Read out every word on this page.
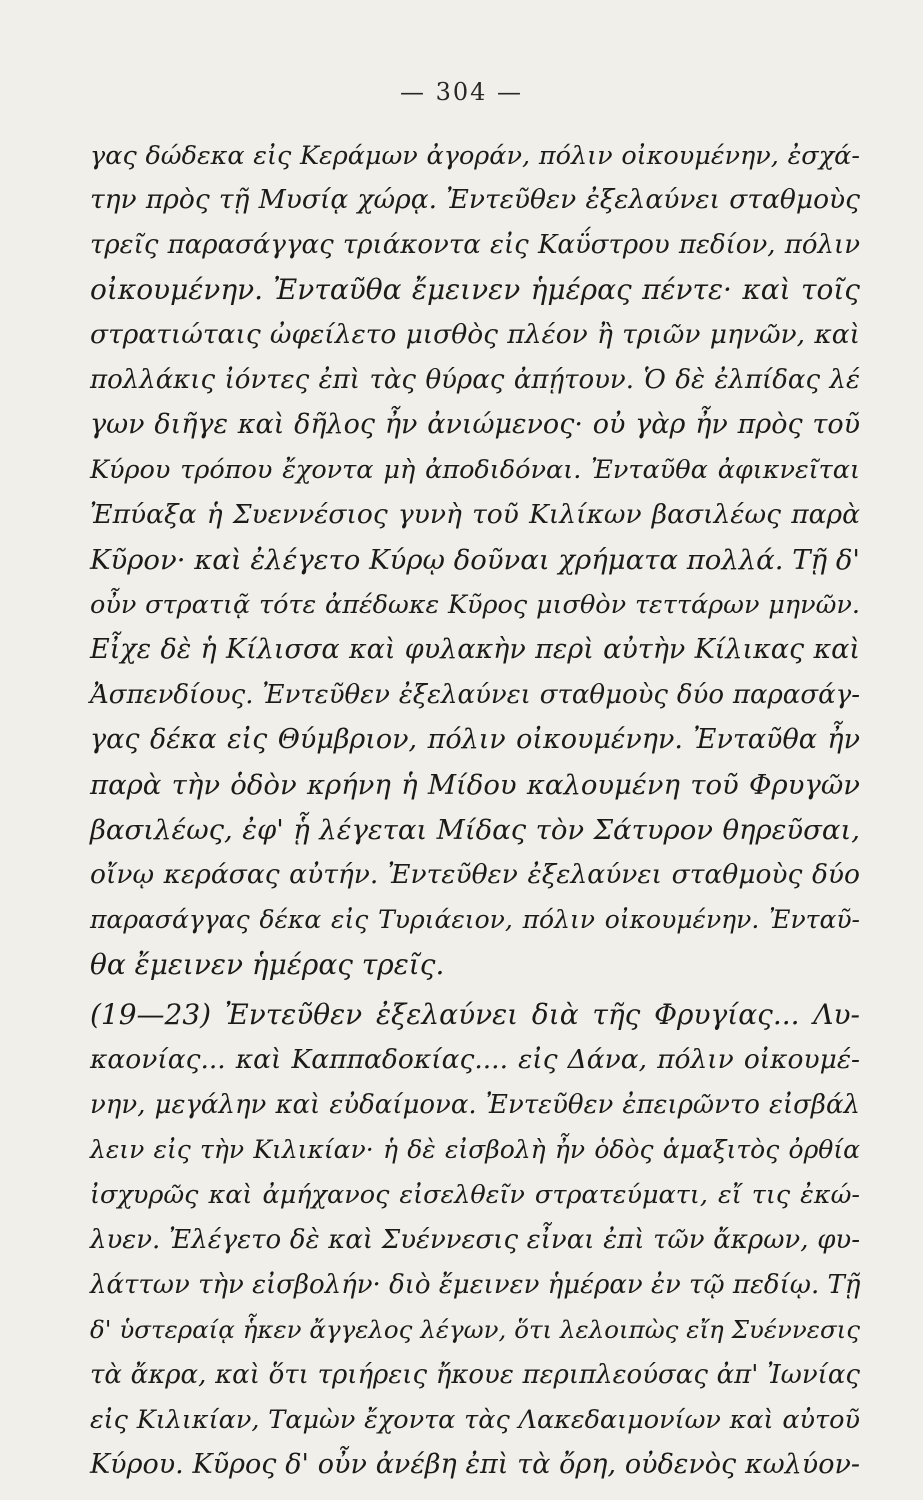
— 304 —
γας δώδεκα εἰς Κεράμων ἀγοράν, πόλιν οἰκουμένην, ἐσχά-
την πρὸς τῇ Μυσίᾳ χώρᾳ. Ἐντεῦθεν ἐξελαύνει σταθμοὺς
τρεῖς παρασάγγας τριάκοντα εἰς Καΰστρου πεδίον, πόλιν
οἰκουμένην. Ἐνταῦθα ἔμεινεν ἡμέρας πέντε· καὶ τοῖς
στρατιώταις ὠφείλετο μισθὸς πλέον ἢ τριῶν μηνῶν, καὶ
πολλάκις ἰόντες ἐπὶ τὰς θύρας ἀπῄτουν. Ὁ δὲ ἐλπίδας λέ
γων διῆγε καὶ δῆλος ἦν ἀνιώμενος· οὐ γὰρ ἦν πρὸς τοῦ
Κύρου τρόπου ἔχοντα μὴ ἀποδιδόναι. Ἐνταῦθα ἀφικνεῖται
Ἐπύαξα ἡ Συεννέσιος γυνὴ τοῦ Κιλίκων βασιλέως παρὰ
Κῦρον· καὶ ἐλέγετο Κύρῳ δοῦναι χρήματα πολλά. Τῇ δ'
οὖν στρατιᾷ τότε ἀπέδωκε Κῦρος μισθὸν τεττάρων μηνῶν.
Εἶχε δὲ ἡ Κίλισσα καὶ φυλακὴν περὶ αὐτὴν Κίλικας καὶ
Ἀσπενδίους. Ἐντεῦθεν ἐξελαύνει σταθμοὺς δύο παρασάγ-
γας δέκα εἰς Θύμβριον, πόλιν οἰκουμένην. Ἐνταῦθα ἦν
παρὰ τὴν ὁδὸν κρήνη ἡ Μίδου καλουμένη τοῦ Φρυγῶν
βασιλέως, ἐφ' ᾗ λέγεται Μίδας τὸν Σάτυρον θηρεῦσαι,
οἴνῳ κεράσας αὐτήν. Ἐντεῦθεν ἐξελαύνει σταθμοὺς δύο
παρασάγγας δέκα εἰς Τυριάειον, πόλιν οἰκουμένην. Ἐνταῦ-
θα ἔμεινεν ἡμέρας τρεῖς.
(19—23) Ἐντεῦθεν ἐξελαύνει διὰ τῆς Φρυγίας... Λυ-
καονίας... καὶ Καππαδοκίας.... εἰς Δάνα, πόλιν οἰκουμέ-
νην, μεγάλην καὶ εὐδαίμονα. Ἐντεῦθεν ἐπειρῶντο εἰσβάλ
λειν εἰς τὴν Κιλικίαν· ἡ δὲ εἰσβολὴ ἦν ὁδὸς ἁμαξιτὸς ὀρθία
ἰσχυρῶς καὶ ἀμήχανος εἰσελθεῖν στρατεύματι, εἴ τις ἐκώ-
λυεν. Ἐλέγετο δὲ καὶ Συέννεσις εἶναι ἐπὶ τῶν ἄκρων, φυ-
λάττων τὴν εἰσβολήν· διὸ ἔμεινεν ἡμέραν ἐν τῷ πεδίῳ. Τῇ
δ' ὑστεραίᾳ ἧκεν ἄγγελος λέγων, ὅτι λελοιπὼς εἴη Συέννεσις
τὰ ἄκρα, καὶ ὅτι τριήρεις ἤκουε περιπλεούσας ἀπ' Ἰωνίας
εἰς Κιλικίαν, Ταμὼν ἔχοντα τὰς Λακεδαιμονίων καὶ αὐτοῦ
Κύρου. Κῦρος δ' οὖν ἀνέβη ἐπὶ τὰ ὄρη, οὐδενὸς κωλύον-
